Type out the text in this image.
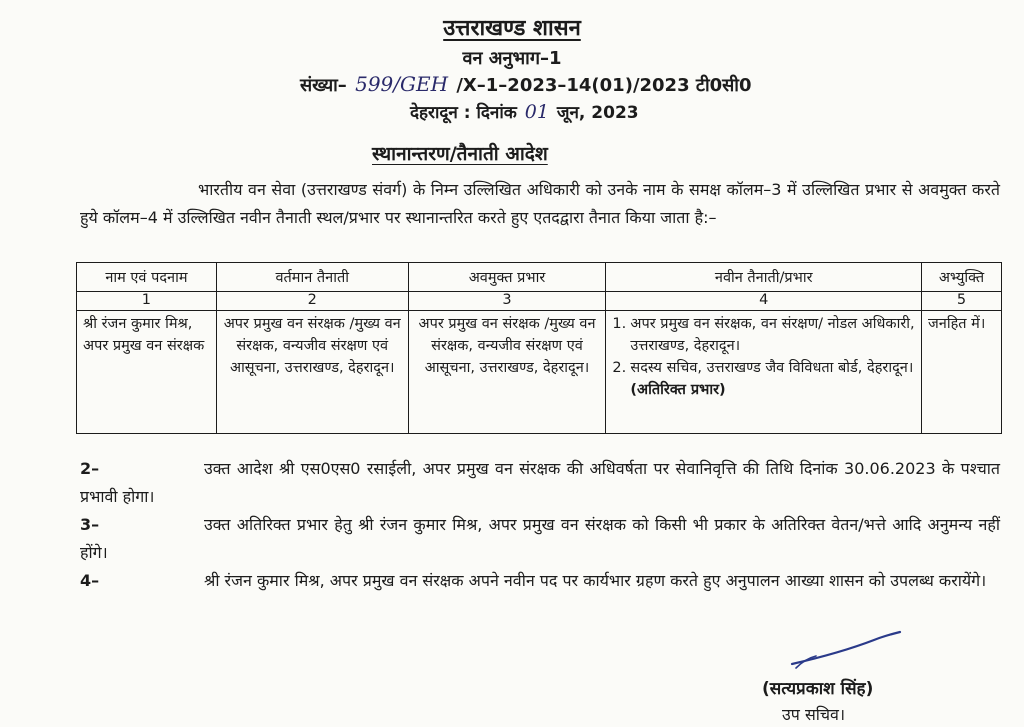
उत्तराखण्ड शासन
वन अनुभाग–1
संख्या– 599/GEH /X–1–2023–14(01)/2023 टी0सी0
देहरादून : दिनांक 01 जून, 2023
स्थानान्तरण/तैनाती आदेश
भारतीय वन सेवा (उत्तराखण्ड संवर्ग) के निम्न उल्लिखित अधिकारी को उनके नाम के समक्ष कॉलम–3 में उल्लिखित प्रभार से अवमुक्त करते हुये कॉलम–4 में उल्लिखित नवीन तैनाती स्थल/प्रभार पर स्थानान्तरित करते हुए एतदद्वारा तैनात किया जाता है:–
नाम एवं पदनाम	वर्तमान तैनाती	अवमुक्त प्रभार	नवीन तैनाती/प्रभार	अभ्युक्ति
1	2	3	4	5
श्री रंजन कुमार मिश्र, अपर प्रमुख वन संरक्षक	अपर प्रमुख वन संरक्षक /मुख्य वन संरक्षक, वन्यजीव संरक्षण एवं आसूचना, उत्तराखण्ड, देहरादून।	अपर प्रमुख वन संरक्षक /मुख्य वन संरक्षक, वन्यजीव संरक्षण एवं आसूचना, उत्तराखण्ड, देहरादून।	1. अपर प्रमुख वन संरक्षक, वन संरक्षण/ नोडल अधिकारी, उत्तराखण्ड, देहरादून।
2. सदस्य सचिव, उत्तराखण्ड जैव विविधता बोर्ड, देहरादून। (अतिरिक्त प्रभार)	जनहित में।
2–	उक्त आदेश श्री एस0एस0 रसाईली, अपर प्रमुख वन संरक्षक की अधिवर्षता पर सेवानिवृत्ति की तिथि दिनांक 30.06.2023 के पश्चात प्रभावी होगा।
3–	उक्त अतिरिक्त प्रभार हेतु श्री रंजन कुमार मिश्र, अपर प्रमुख वन संरक्षक को किसी भी प्रकार के अतिरिक्त वेतन/भत्ते आदि अनुमन्य नहीं होंगे।
4–	श्री रंजन कुमार मिश्र, अपर प्रमुख वन संरक्षक अपने नवीन पद पर कार्यभार ग्रहण करते हुए अनुपालन आख्या शासन को उपलब्ध करायेंगे।
(सत्यप्रकाश सिंह)
उप सचिव।
